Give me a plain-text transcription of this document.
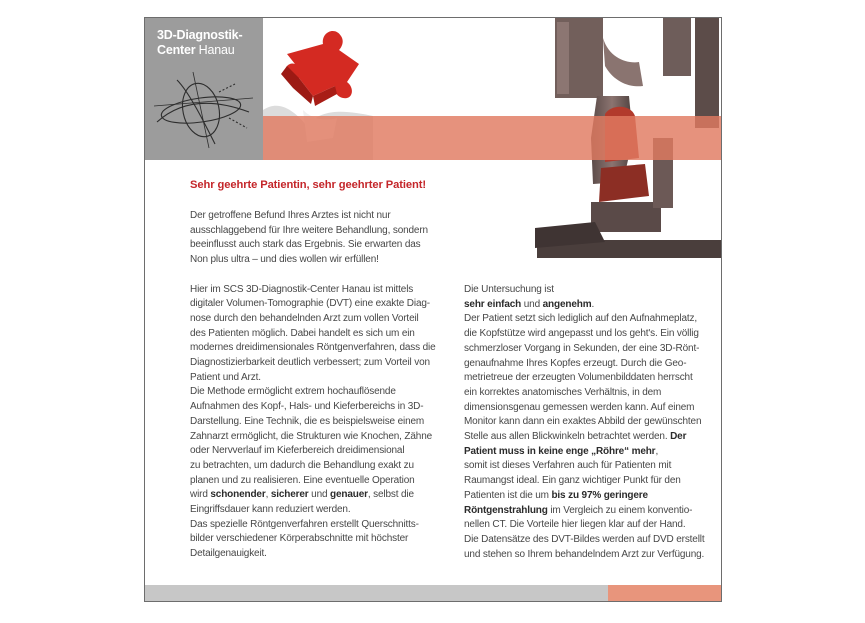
3D-Diagnostik-
Center Hanau
Sehr geehrte Patientin, sehr geehrter Patient!

Der getroffene Befund Ihres Arztes ist nicht nur

ausschlaggebend für Ihre weitere Behandlung, sondern

beeinflusst auch stark das Ergebnis. Sie erwarten das

Non plus ultra – und dies wollen wir erfüllen!

Hier im SCS 3D-Diagnostik-Center Hanau ist mittels

digitaler Volumen-Tomographie (DVT) eine exakte Diag-

nose durch den behandelnden Arzt zum vollen Vorteil

des Patienten möglich. Dabei handelt es sich um ein

modernes dreidimensionales Röntgenverfahren, dass die

Diagnostizierbarkeit deutlich verbessert; zum Vorteil von

Patient und Arzt.

Die Methode ermöglicht extrem hochauflösende

Aufnahmen des Kopf-, Hals- und Kieferbereichs in 3D-

Darstellung. Eine Technik, die es beispielsweise einem

Zahnarzt ermöglicht, die Strukturen wie Knochen, Zähne

oder Nervverlauf im Kieferbereich dreidimensional

zu betrachten, um dadurch die Behandlung exakt zu

planen und zu realisieren. Eine eventuelle Operation

wird schonender, sicherer und genauer, selbst die

Eingriffsdauer kann reduziert werden.

Das spezielle Röntgenverfahren erstellt Querschnitts-

bilder verschiedener Körperabschnitte mit höchster

Detailgenauigkeit.

Die Untersuchung ist

sehr einfach und angenehm.

Der Patient setzt sich lediglich auf den Aufnahmeplatz,

die Kopfstütze wird angepasst und los geht's. Ein völlig

schmerzloser Vorgang in Sekunden, der eine 3D-Rönt-

genaufnahme Ihres Kopfes erzeugt. Durch die Geo-

metrietreue der erzeugten Volumenbilddaten herrscht

ein korrektes anatomisches Verhältnis, in dem

dimensionsgenau gemessen werden kann. Auf einem

Monitor kann dann ein exaktes Abbild der gewünschten

Stelle aus allen Blickwinkeln betrachtet werden. Der

Patient muss in keine enge „Röhre“ mehr,

somit ist dieses Verfahren auch für Patienten mit

Raumangst ideal. Ein ganz wichtiger Punkt für den

Patienten ist die um bis zu 97% geringere

Röntgenstrahlung im Vergleich zu einem konventio-

nellen CT. Die Vorteile hier liegen klar auf der Hand.

Die Datensätze des DVT-Bildes werden auf DVD erstellt

und stehen so Ihrem behandelndem Arzt zur Verfügung.
